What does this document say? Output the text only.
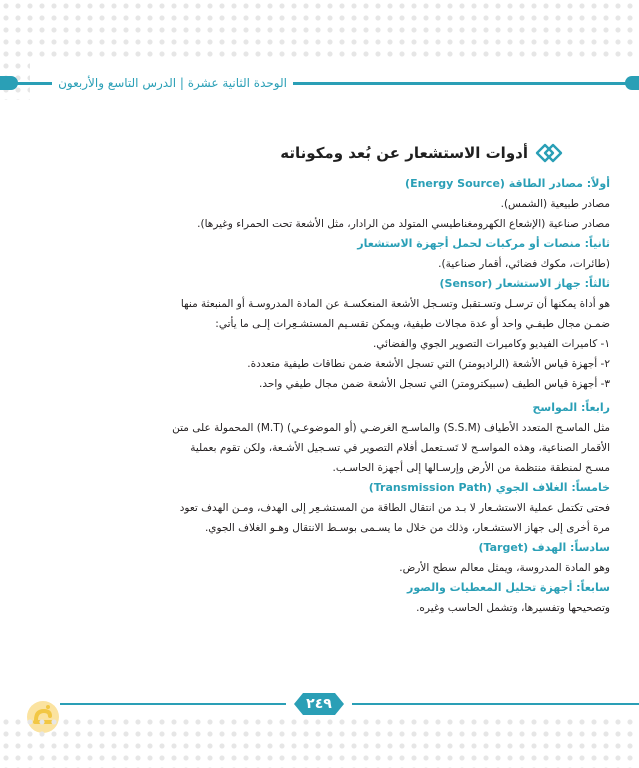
الوحدة الثانية عشرة | الدرس التاسع والأربعون
أدوات الاستشعار عن بُعد ومكوناته
أولاً: مصادر الطاقة (Energy Source)
مصادر طبيعية (الشمس).
مصادر صناعية (الإشعاع الكهرومغناطيسي المتولد من الرادار، مثل الأشعة تحت الحمراء وغيرها).
ثانياً: منصات أو مركبات لحمل أجهزة الاستشعار
(طائرات، مكوك فضائي، أقمار صناعية).
ثالثاً: جهاز الاستشعار (Sensor)
هو أداة يمكنها أن ترسـل وتسـتقبل وتسـجل الأشعة المنعكسـة عن المادة المدروسـة أو المنبعثة منها
ضمـن مجال طيفـي واحد أو عدة مجالات طيفية، ويمكن تقسـيم المستشـعِرات إلـى ما يأتي:
١- كاميرات الفيديو وكاميرات التصوير الجوي والفضائي.
٢- أجهزة قياس الأشعة (الراديومتر) التي تسجل الأشعة ضمن نطاقات طيفية متعددة.
٣- أجهزة قياس الطيف (سبيكترومتر) التي تسجل الأشعة ضمن مجال طيفي واحد.
رابعاً: المواسح
مثل الماسـح المتعدد الأطياف (S.S.M) والماسـح الغرضـي (أو الموضوعـي) (M.T) المحمولة على متن
الأقمار الصناعية، وهذه المواسـح لا تَسـتعمل أفلام التصوير في تسـجيل الأشـعة، ولكن تقوم بعملية
مسـح لمنطقة منتظمة من الأرض وإرسـالها إلى أجهزة الحاسـب.
خامساً: الغلاف الجوي (Transmission Path)
فحتى تكتمل عملية الاستشـعار لا بـد من انتقال الطاقة من المستشـعِر إلى الهدف، ومـن الهدف تعود
مرة أخرى إلى جهاز الاستشـعار، وذلك من خلال ما يسـمى بوسـط الانتقال وهـو الغلاف الجوي.
سادساً: الهدف (Target)
وهو المادة المدروسة، ويمثل معالم سطح الأرض.
سابعاً: أجهزة تحليل المعطيات والصور
وتصحيحها وتفسيرها، وتشمل الحاسب وغيره.
٢٤٩
